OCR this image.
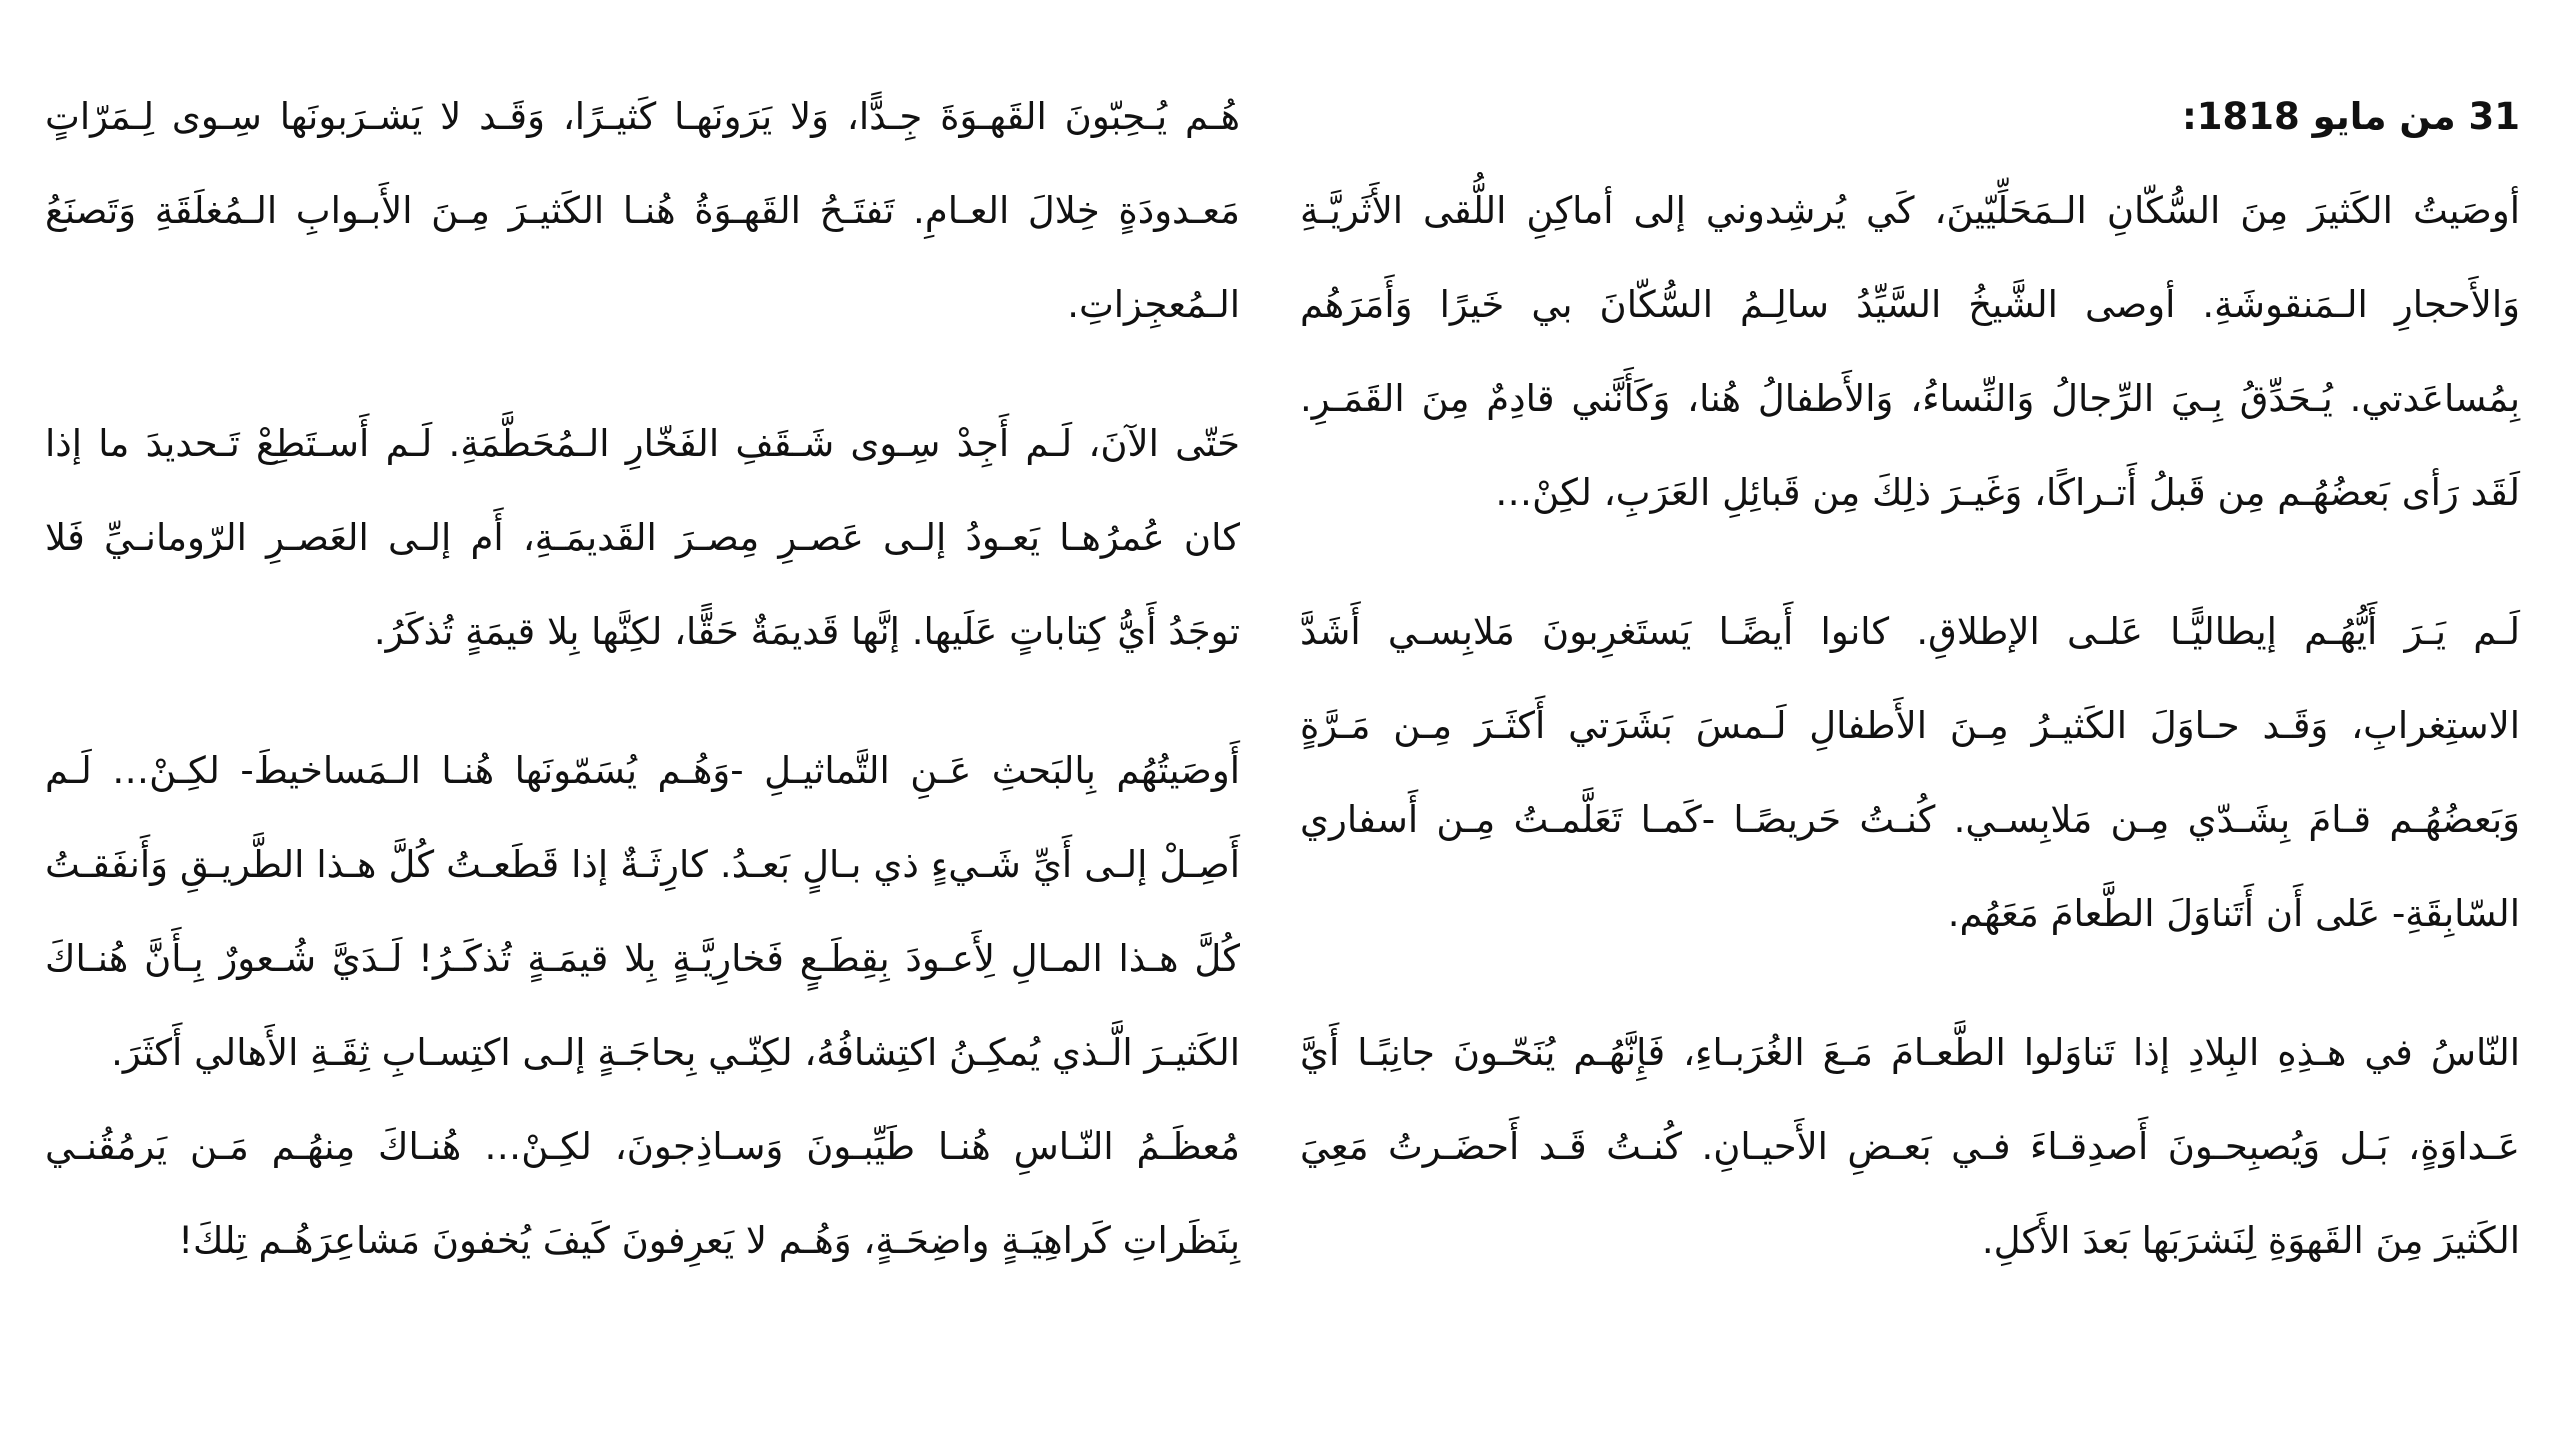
31 من مايو 1818:

أوصَيتُ الكَثيرَ مِنَ السُّكّانِ الـمَحَلِّيّينَ، كَي يُرشِدوني إلى أماكِنِ اللُّقى الأَثَريَّـةِ وَالأَحجارِ الـمَنقوشَةِ. أوصى الشَّيخُ السَّيِّدُ سالِـمُ السُّكّانَ بي خَيرًا وَأَمَرَهُم بِمُساعَدتي. يُـحَدِّقُ بِـيَ الرِّجالُ وَالنِّساءُ، وَالأَطفالُ هُنا، وَكَأَنَّني قادِمٌ مِنَ القَمَـرِ. لَقَد رَأى بَعضُهُـم مِن قَبلُ أَتـراكًا، وَغَيـرَ ذلِكَ مِن قَبائِلِ العَرَبِ، لكِنْ…

لَـم يَـرَ أَيُّهُـم إيطاليًّـا عَلـى الإطلاقِ. كانوا أَيضًـا يَستَغرِبونَ مَلابِسـي أَشَدَّ الاستِغرابِ، وَقَـد حـاوَلَ الكَثيـرُ مِـنَ الأَطفالِ لَـمسَ بَشَرَتي أَكثَـرَ مِـن مَـرَّةٍ وَبَعضُهُـم قـامَ بِشَـدّي مِـن مَلابِسـي. كُنـتُ حَريصًـا -كَمـا تَعَلَّمـتُ مِـن أَسفاري السّابِقَةِ- عَلى أَن أَتَناوَلَ الطَّعامَ مَعَهُم.

النّاسُ في هـذِهِ البِلادِ إذا تَناوَلوا الطَّعـامَ مَـعَ الغُرَبـاءِ، فَإِنَّهُـم يُنَحّـونَ جانِبًـا أَيَّ عَـداوَةٍ، بَـل وَيُصبِحـونَ أَصدِقـاءَ فـي بَعـضِ الأَحيـانِ. كُنـتُ قَـد أَحضَـرتُ مَعِيَ الكَثيرَ مِنَ القَهوَةِ لِنَشرَبَها بَعدَ الأَكلِ.

هُـم يُـحِبّونَ القَهـوَةَ جِـدًّا، وَلا يَرَونَهـا كَثيـرًا، وَقَـد لا يَشـرَبونَها سِـوى لِـمَرّاتٍ مَعـدودَةٍ خِلالَ العـامِ. تَفتَـحُ القَهـوَةُ هُنـا الكَثيـرَ مِـنَ الأَبـوابِ الـمُغلَقَةِ وَتَصنَعُ الـمُعجِزاتِ.

حَتّى الآنَ، لَـم أَجِدْ سِـوى شَـقَفِ الفَخّارِ الـمُحَطَّمَةِ. لَـم أَسـتَطِعْ تَـحديدَ ما إذا كان عُمرُهـا يَعـودُ إلـى عَصـرِ مِصـرَ القَديمَـةِ، أَم إلـى العَصـرِ الرّومانـيِّ فَلا توجَدُ أَيُّ كِتاباتٍ عَلَيها. إنَّها قَديمَةٌ حَقًّا، لكِنَّها بِلا قيمَةٍ تُذكَرُ.

أَوصَيتُهُم بِالبَحثِ عَـنِ التَّماثيـلِ -وَهُـم يُسَمّونَها هُنـا الـمَساخيطَ- لكِـنْ… لَـم أَصِـلْ إلـى أَيِّ شَـيءٍ ذي بـالٍ بَعـدُ. كارِثَـةٌ إذا قَطَعـتُ كُلَّ هـذا الطَّريـقِ وَأَنفَقـتُ كُلَّ هـذا المـالِ لِأَعـودَ بِقِطَـعٍ فَخارِيَّـةٍ بِلا قيمَـةٍ تُذكَـرُ! لَـدَيَّ شُـعورٌ بِـأَنَّ هُنـاكَ الكَثيـرَ الَّـذي يُمكِـنُ اكتِشافُهُ، لكِنّـي بِحاجَـةٍ إلـى اكتِسـابِ ثِقَـةِ الأَهالي أَكثَرَ.

مُعظَـمُ النّـاسِ هُنـا طَيِّبـونَ وَسـاذِجونَ، لكِـنْ… هُنـاكَ مِنهُـم مَـن يَرمُقُنـي بِنَظَراتِ كَراهِيَـةٍ واضِحَـةٍ، وَهُـم لا يَعرِفونَ كَيفَ يُخفونَ مَشاعِرَهُـم تِلكَ!
